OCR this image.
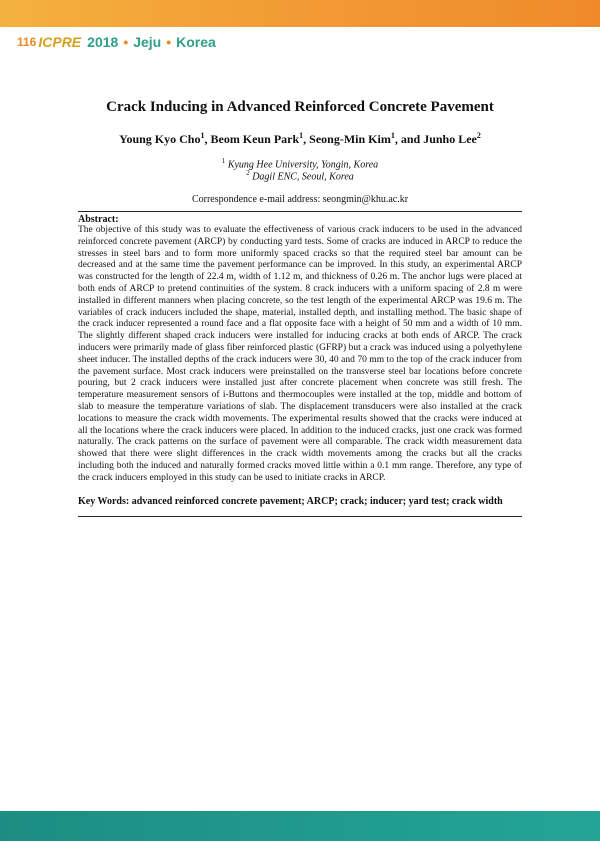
116 ICPRE 2018 • Jeju • Korea
Crack Inducing in Advanced Reinforced Concrete Pavement
Young Kyo Cho$^1$, Beom Keun Park$^1$, Seong-Min Kim$^1$, and Junho Lee$^2$
$^1$ Kyung Hee University, Yongin, Korea
$^2$ Dagil ENC, Seoul, Korea
Correspondence e-mail address: seongmin@khu.ac.kr
Abstract:
The objective of this study was to evaluate the effectiveness of various crack inducers to be used in the advanced reinforced concrete pavement (ARCP) by conducting yard tests. Some of cracks are induced in ARCP to reduce the stresses in steel bars and to form more uniformly spaced cracks so that the required steel bar amount can be decreased and at the same time the pavement performance can be improved. In this study, an experimental ARCP was constructed for the length of 22.4 m, width of 1.12 m, and thickness of 0.26 m. The anchor lugs were placed at both ends of ARCP to pretend continuities of the system. 8 crack inducers with a uniform spacing of 2.8 m were installed in different manners when placing concrete, so the test length of the experimental ARCP was 19.6 m. The variables of crack inducers included the shape, material, installed depth, and installing method. The basic shape of the crack inducer represented a round face and a flat opposite face with a height of 50 mm and a width of 10 mm. The slightly different shaped crack inducers were installed for inducing cracks at both ends of ARCP. The crack inducers were primarily made of glass fiber reinforced plastic (GFRP) but a crack was induced using a polyethylene sheet inducer. The installed depths of the crack inducers were 30, 40 and 70 mm to the top of the crack inducer from the pavement surface. Most crack inducers were preinstalled on the transverse steel bar locations before concrete pouring, but 2 crack inducers were installed just after concrete placement when concrete was still fresh. The temperature measurement sensors of i-Buttons and thermocouples were installed at the top, middle and bottom of slab to measure the temperature variations of slab. The displacement transducers were also installed at the crack locations to measure the crack width movements. The experimental results showed that the cracks were induced at all the locations where the crack inducers were placed. In addition to the induced cracks, just one crack was formed naturally. The crack patterns on the surface of pavement were all comparable. The crack width measurement data showed that there were slight differences in the crack width movements among the cracks but all the cracks including both the induced and naturally formed cracks moved little within a 0.1 mm range. Therefore, any type of the crack inducers employed in this study can be used to initiate cracks in ARCP.
Key Words: advanced reinforced concrete pavement; ARCP; crack; inducer; yard test; crack width
